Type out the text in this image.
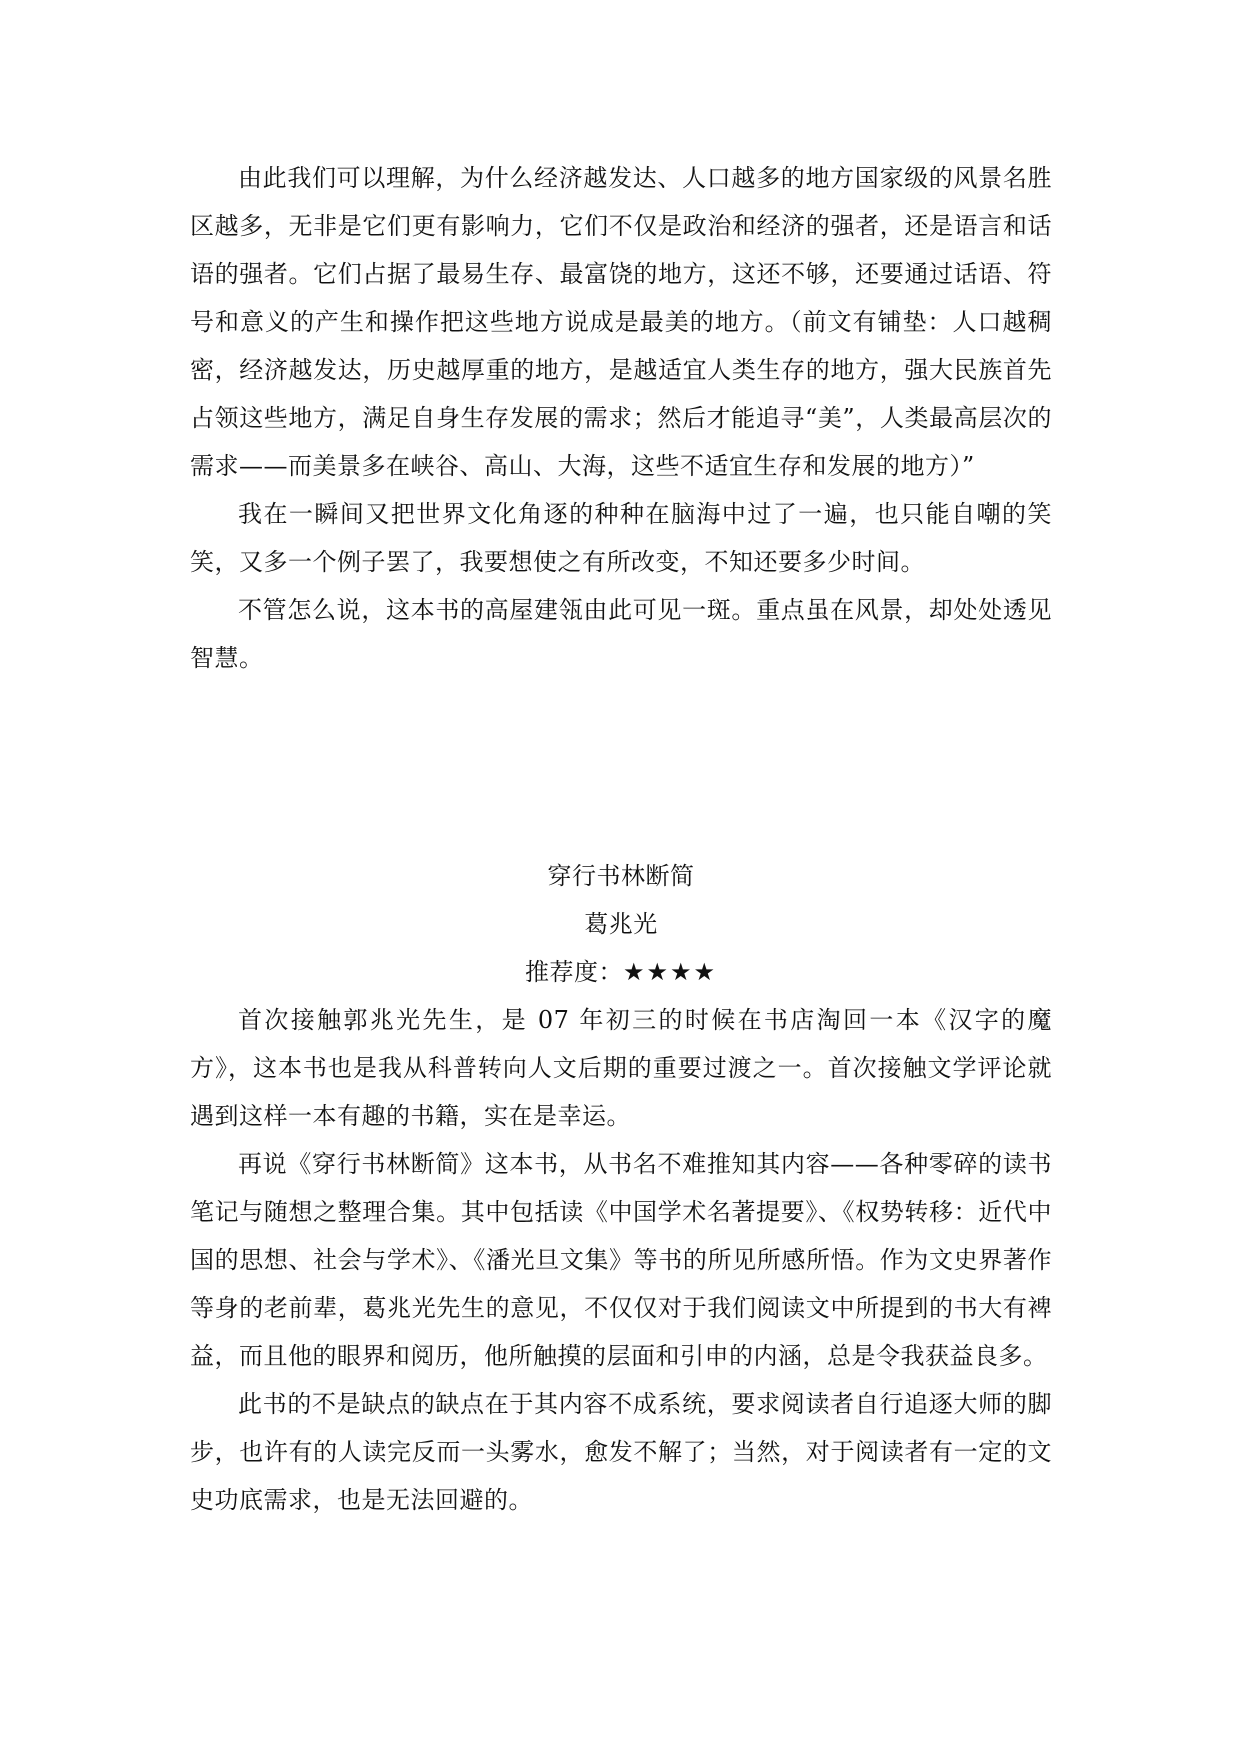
由此我们可以理解，为什么经济越发达、人口越多的地方国家级的风景名胜区越多，无非是它们更有影响力，它们不仅是政治和经济的强者，还是语言和话语的强者。它们占据了最易生存、最富饶的地方，这还不够，还要通过话语、符号和意义的产生和操作把这些地方说成是最美的地方。（前文有铺垫：人口越稠密，经济越发达，历史越厚重的地方，是越适宜人类生存的地方，强大民族首先占领这些地方，满足自身生存发展的需求；然后才能追寻“美”，人类最高层次的需求——而美景多在峡谷、高山、大海，这些不适宜生存和发展的地方）”

我在一瞬间又把世界文化角逐的种种在脑海中过了一遍，也只能自嘲的笑笑，又多一个例子罢了，我要想使之有所改变，不知还要多少时间。

不管怎么说，这本书的高屋建瓴由此可见一斑。重点虽在风景，却处处透见智慧。

穿行书林断简

葛兆光

推荐度：★★★★

首次接触郭兆光先生，是 07 年初三的时候在书店淘回一本《汉字的魔方》，这本书也是我从科普转向人文后期的重要过渡之一。首次接触文学评论就遇到这样一本有趣的书籍，实在是幸运。

再说《穿行书林断简》这本书，从书名不难推知其内容——各种零碎的读书笔记与随想之整理合集。其中包括读《中国学术名著提要》、《权势转移：近代中国的思想、社会与学术》、《潘光旦文集》等书的所见所感所悟。作为文史界著作等身的老前辈，葛兆光先生的意见，不仅仅对于我们阅读文中所提到的书大有裨益，而且他的眼界和阅历，他所触摸的层面和引申的内涵，总是令我获益良多。

此书的不是缺点的缺点在于其内容不成系统，要求阅读者自行追逐大师的脚步，也许有的人读完反而一头雾水，愈发不解了；当然，对于阅读者有一定的文史功底需求，也是无法回避的。
